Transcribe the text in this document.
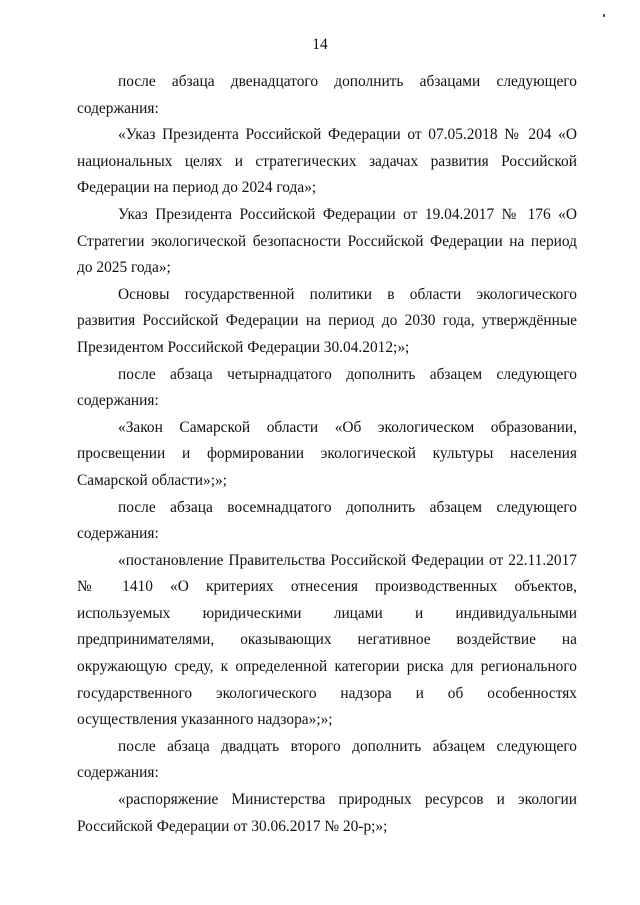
14

после абзаца двенадцатого дополнить абзацами следующего содержания:

«Указ Президента Российской Федерации от 07.05.2018 № 204 «О национальных целях и стратегических задачах развития Российской Федерации на период до 2024 года»;

Указ Президента Российской Федерации от 19.04.2017 № 176 «О Стратегии экологической безопасности Российской Федерации на период до 2025 года»;

Основы государственной политики в области экологического развития Российской Федерации на период до 2030 года, утверждённые Президентом Российской Федерации 30.04.2012;»;

после абзаца четырнадцатого дополнить абзацем следующего содержания:

«Закон Самарской области «Об экологическом образовании, просвещении и формировании экологической культуры населения Самарской области»;»;

после абзаца восемнадцатого дополнить абзацем следующего содержания:

«постановление Правительства Российской Федерации от 22.11.2017 № 1410 «О критериях отнесения производственных объектов, используемых юридическими лицами и индивидуальными предпринимателями, оказывающих негативное воздействие на окружающую среду, к определенной категории риска для регионального государственного экологического надзора и об особенностях осуществления указанного надзора»;»;

после абзаца двадцать второго дополнить абзацем следующего содержания:

«распоряжение Министерства природных ресурсов и экологии Российской Федерации от 30.06.2017 № 20-р;»;
